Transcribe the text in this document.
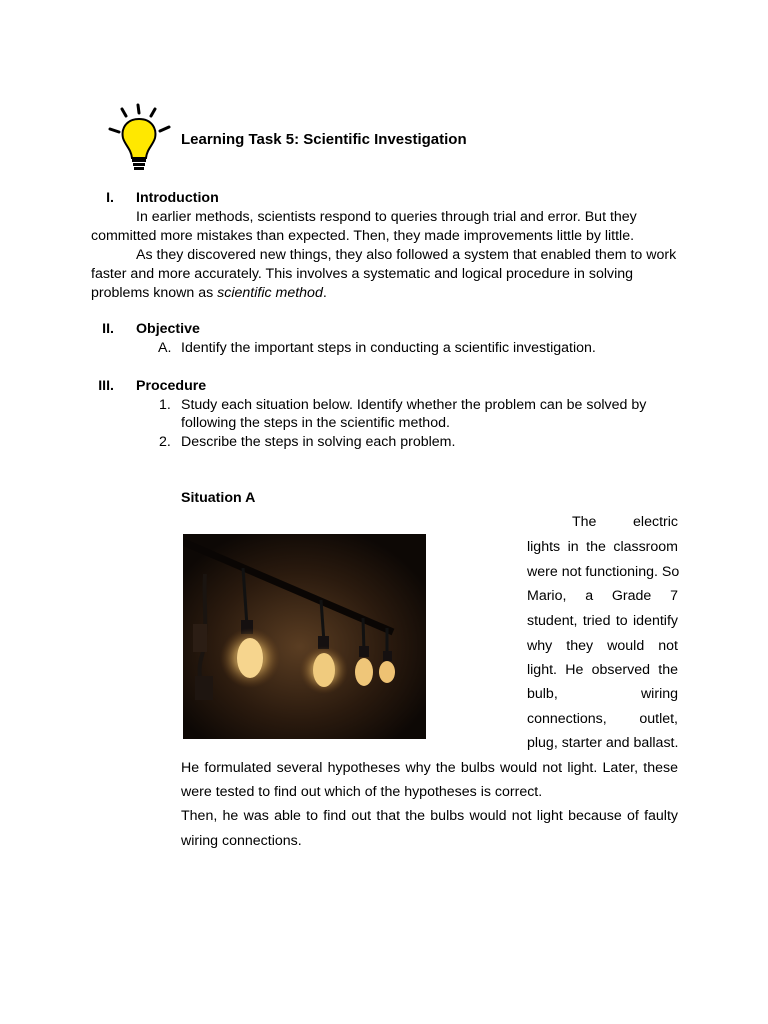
Learning Task 5: Scientific Investigation
I. Introduction
In earlier methods, scientists respond to queries through trial and error. But they
committed more mistakes than expected. Then, they made improvements little by little.
As they discovered new things, they also followed a system that enabled them to work
faster and more accurately. This involves a systematic and logical procedure in solving
problems known as scientific method.
II. Objective
A. Identify the important steps in conducting a scientific investigation.
III. Procedure
1. Study each situation below. Identify whether the problem can be solved by
following the steps in the scientific method.
2. Describe the steps in solving each problem.
Situation A
The	electric
lights in the classroom
were not functioning. So
Mario, a Grade 7
student, tried to identify
why they would not
light. He observed the
bulb, wiring
connections, outlet,
plug, starter and ballast.
He formulated several hypotheses why the bulbs would not light. Later, these
were tested to find out which of the hypotheses is correct.
Then, he was able to find out that the bulbs would not light because of faulty
wiring connections.
